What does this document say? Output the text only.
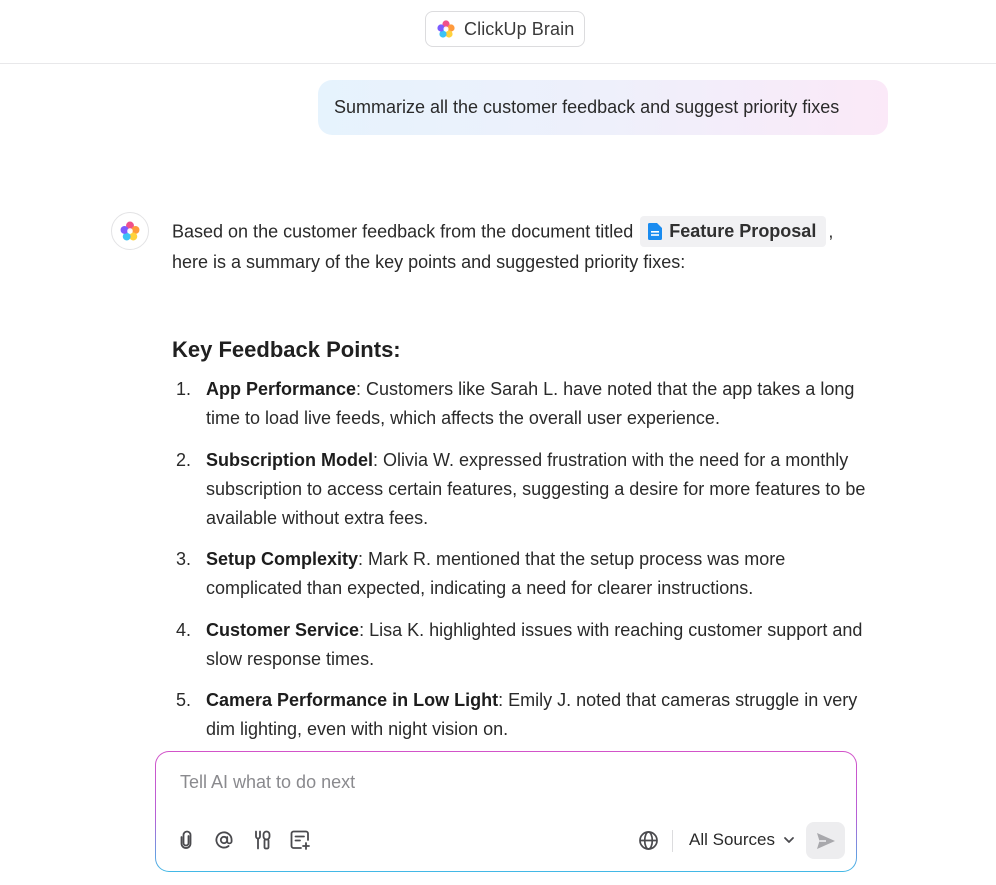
ClickUp Brain
Summarize all the customer feedback and suggest priority fixes
Based on the customer feedback from the document titled Feature Proposal ,
here is a summary of the key points and suggested priority fixes:
Key Feedback Points:
1. App Performance: Customers like Sarah L. have noted that the app takes a long time to load live feeds, which affects the overall user experience.
2. Subscription Model: Olivia W. expressed frustration with the need for a monthly subscription to access certain features, suggesting a desire for more features to be available without extra fees.
3. Setup Complexity: Mark R. mentioned that the setup process was more complicated than expected, indicating a need for clearer instructions.
4. Customer Service: Lisa K. highlighted issues with reaching customer support and slow response times.
5. Camera Performance in Low Light: Emily J. noted that cameras struggle in very dim lighting, even with night vision on.
Tell AI what to do next
All Sources
